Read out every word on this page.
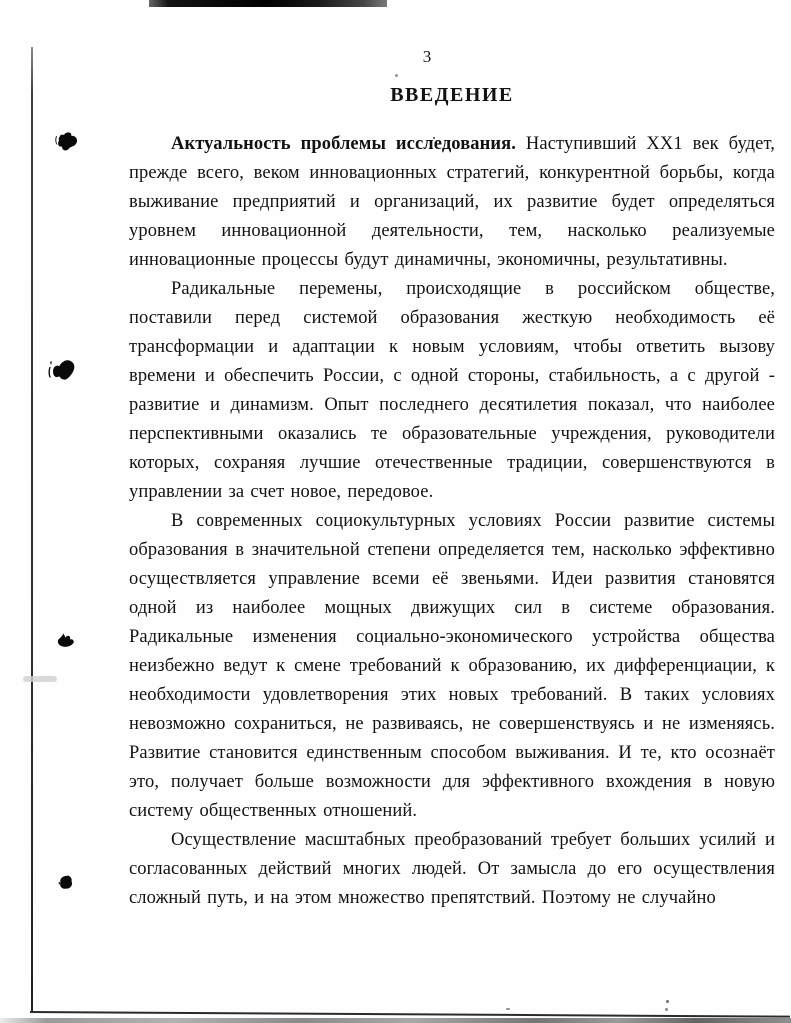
3
ВВЕДЕНИЕ

Актуальность проблемы исследования. Наступивший ХХ1 век будет, прежде всего, веком инновационных стратегий, конкурентной борьбы, когда выживание предприятий и организаций, их развитие будет определяться уровнем инновационной деятельности, тем, насколько реализуемые инновационные процессы будут динамичны, экономичны, результативны.

Радикальные перемены, происходящие в российском обществе, поставили перед системой образования жесткую необходимость её трансформации и адаптации к новым условиям, чтобы ответить вызову времени и обеспечить России, с одной стороны, стабильность, а с другой - развитие и динамизм. Опыт последнего десятилетия показал, что наиболее перспективными оказались те образовательные учреждения, руководители которых, сохраняя лучшие отечественные традиции, совершенствуются в управлении за счет новое, передовое.

В современных социокультурных условиях России развитие системы образования в значительной степени определяется тем, насколько эффективно осуществляется управление всеми её звеньями. Идеи развития становятся одной из наиболее мощных движущих сил в системе образования. Радикальные изменения социально-экономического устройства общества неизбежно ведут к смене требований к образованию, их дифференциации, к необходимости удовлетворения этих новых требований. В таких условиях невозможно сохраниться, не развиваясь, не совершенствуясь и не изменяясь. Развитие становится единственным способом выживания. И те, кто осознаёт это, получает больше возможности для эффективного вхождения в новую систему общественных отношений.

Осуществление масштабных преобразований требует больших усилий и согласованных действий многих людей. От замысла до его осуществления сложный путь, и на этом множество препятствий. Поэтому не случайно
